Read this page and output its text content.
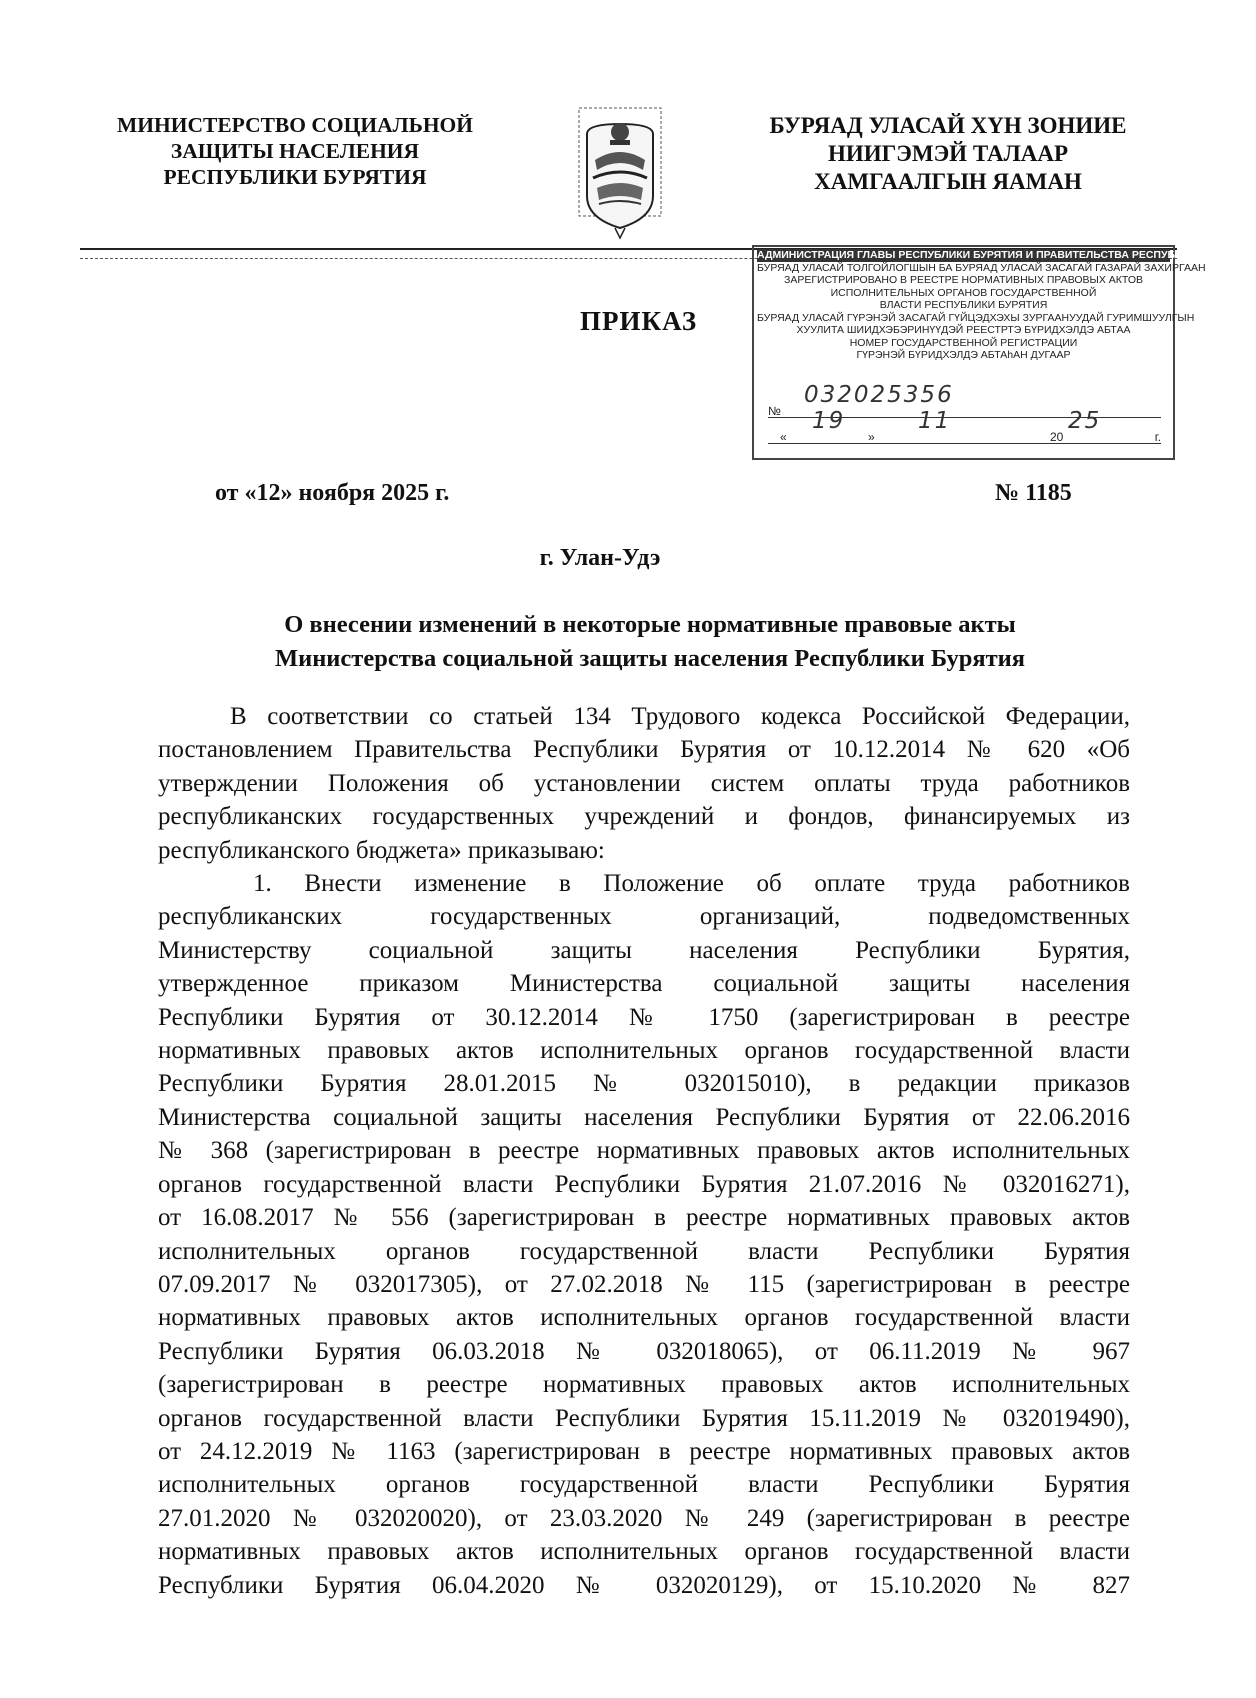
МИНИСТЕРСТВО СОЦИАЛЬНОЙ
ЗАЩИТЫ НАСЕЛЕНИЯ
РЕСПУБЛИКИ БУРЯТИЯ
БУРЯАД УЛАСАЙ ХҮН ЗОНИИЕ
НИИГЭМЭЙ ТАЛААР
ХАМГААЛГЫН ЯАМАН
ПРИКАЗ
АДМИНИСТРАЦИЯ ГЛАВЫ РЕСПУБЛИКИ БУРЯТИЯ И ПРАВИТЕЛЬСТВА РЕСПУБЛИКИ БУРЯТИЯ
БУРЯАД УЛАСАЙ ТОЛГОЙЛОГШЫН БА БУРЯАД УЛАСАЙ ЗАСАГАЙ ГАЗАРАЙ ЗАХИРГААН
ЗАРЕГИСТРИРОВАНО В РЕЕСТРЕ НОРМАТИВНЫХ ПРАВОВЫХ АКТОВ
ИСПОЛНИТЕЛЬНЫХ ОРГАНОВ ГОСУДАРСТВЕННОЙ
ВЛАСТИ РЕСПУБЛИКИ БУРЯТИЯ
БУРЯАД УЛАСАЙ ГҮРЭНЭЙ ЗАСАГАЙ ГҮЙЦЭДХЭХЫ ЗУРГААНУУДАЙ ГУРИМШУУЛГЫН
ХУУЛИТА ШИИДХЭБЭРИНҮҮДЭЙ РЕЕСТРТЭ БҮРИДХЭЛДЭ АБТАА
НОМЕР ГОСУДАРСТВЕННОЙ РЕГИСТРАЦИИ
ГҮРЭНЭЙ БҮРИДХЭЛДЭ АБТАһАН ДУГААР
№
032025356
«
19
»
11
20
25
г.
от «12» ноября 2025 г.	№ 1185
г. Улан-Удэ
О внесении изменений в некоторые нормативные правовые акты
Министерства социальной защиты населения Республики Бурятия
В соответствии со статьей 134 Трудового кодекса Российской Федерации,
постановлением Правительства Республики Бурятия от 10.12.2014 № 620 «Об
утверждении Положения об установлении систем оплаты труда работников
республиканских государственных учреждений и фондов, финансируемых из
республиканского бюджета» приказываю:
1. Внести изменение в Положение об оплате труда работников
республиканских государственных организаций, подведомственных
Министерству социальной защиты населения Республики Бурятия,
утвержденное приказом Министерства социальной защиты населения
Республики Бурятия от 30.12.2014 № 1750 (зарегистрирован в реестре
нормативных правовых актов исполнительных органов государственной власти
Республики Бурятия 28.01.2015 № 032015010), в редакции приказов
Министерства социальной защиты населения Республики Бурятия от 22.06.2016
№ 368 (зарегистрирован в реестре нормативных правовых актов исполнительных
органов государственной власти Республики Бурятия 21.07.2016 № 032016271),
от 16.08.2017 № 556 (зарегистрирован в реестре нормативных правовых актов
исполнительных органов государственной власти Республики Бурятия
07.09.2017 № 032017305), от 27.02.2018 № 115 (зарегистрирован в реестре
нормативных правовых актов исполнительных органов государственной власти
Республики Бурятия 06.03.2018 № 032018065), от 06.11.2019 № 967
(зарегистрирован в реестре нормативных правовых актов исполнительных
органов государственной власти Республики Бурятия 15.11.2019 № 032019490),
от 24.12.2019 № 1163 (зарегистрирован в реестре нормативных правовых актов
исполнительных органов государственной власти Республики Бурятия
27.01.2020 № 032020020), от 23.03.2020 № 249 (зарегистрирован в реестре
нормативных правовых актов исполнительных органов государственной власти
Республики Бурятия 06.04.2020 № 032020129), от 15.10.2020 № 827
